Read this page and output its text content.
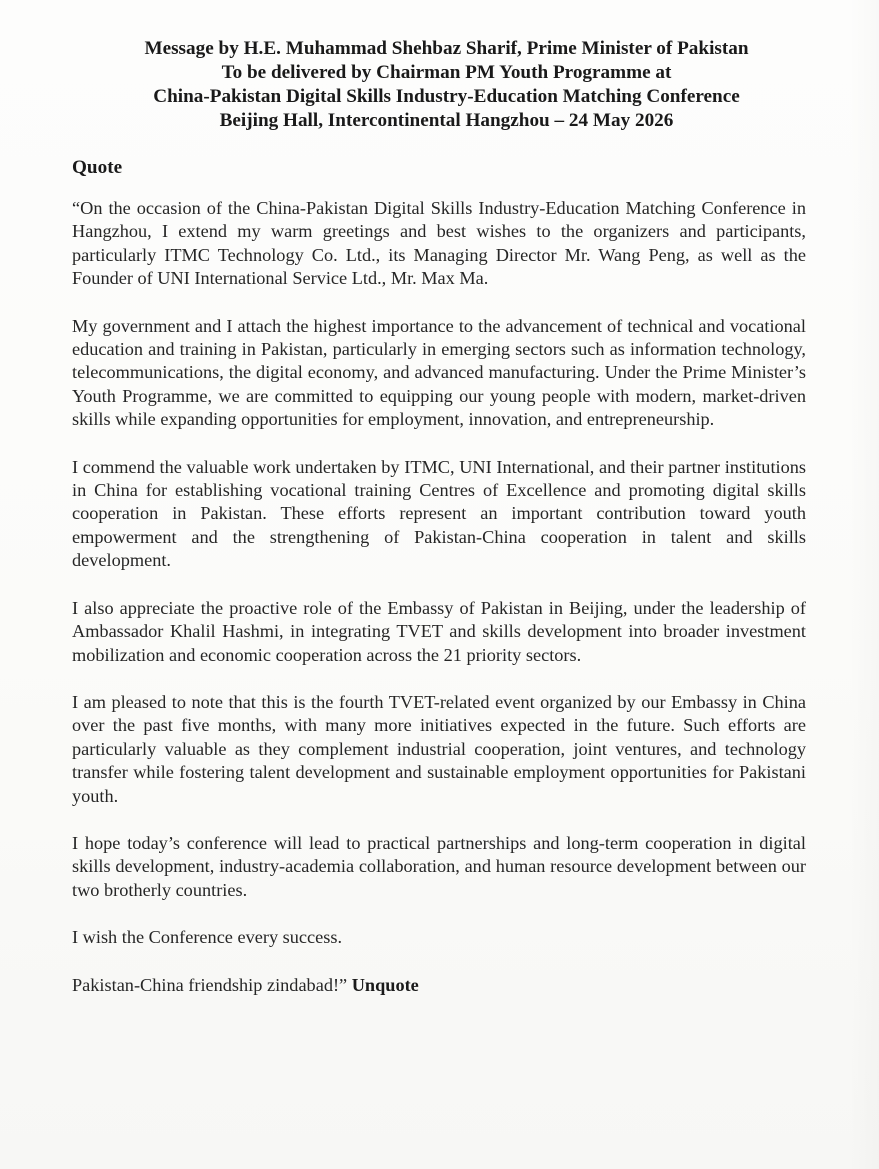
Message by H.E. Muhammad Shehbaz Sharif, Prime Minister of Pakistan
To be delivered by Chairman PM Youth Programme at
China-Pakistan Digital Skills Industry-Education Matching Conference
Beijing Hall, Intercontinental Hangzhou – 24 May 2026
Quote

“On the occasion of the China-Pakistan Digital Skills Industry-Education Matching Conference in Hangzhou, I extend my warm greetings and best wishes to the organizers and participants, particularly ITMC Technology Co. Ltd., its Managing Director Mr. Wang Peng, as well as the Founder of UNI International Service Ltd., Mr. Max Ma.

My government and I attach the highest importance to the advancement of technical and vocational education and training in Pakistan, particularly in emerging sectors such as information technology, telecommunications, the digital economy, and advanced manufacturing. Under the Prime Minister’s Youth Programme, we are committed to equipping our young people with modern, market-driven skills while expanding opportunities for employment, innovation, and entrepreneurship.

I commend the valuable work undertaken by ITMC, UNI International, and their partner institutions in China for establishing vocational training Centres of Excellence and promoting digital skills cooperation in Pakistan. These efforts represent an important contribution toward youth empowerment and the strengthening of Pakistan-China cooperation in talent and skills development.

I also appreciate the proactive role of the Embassy of Pakistan in Beijing, under the leadership of Ambassador Khalil Hashmi, in integrating TVET and skills development into broader investment mobilization and economic cooperation across the 21 priority sectors.

I am pleased to note that this is the fourth TVET-related event organized by our Embassy in China over the past five months, with many more initiatives expected in the future. Such efforts are particularly valuable as they complement industrial cooperation, joint ventures, and technology transfer while fostering talent development and sustainable employment opportunities for Pakistani youth.

I hope today’s conference will lead to practical partnerships and long-term cooperation in digital skills development, industry-academia collaboration, and human resource development between our two brotherly countries.

I wish the Conference every success.

Pakistan-China friendship zindabad!” Unquote
